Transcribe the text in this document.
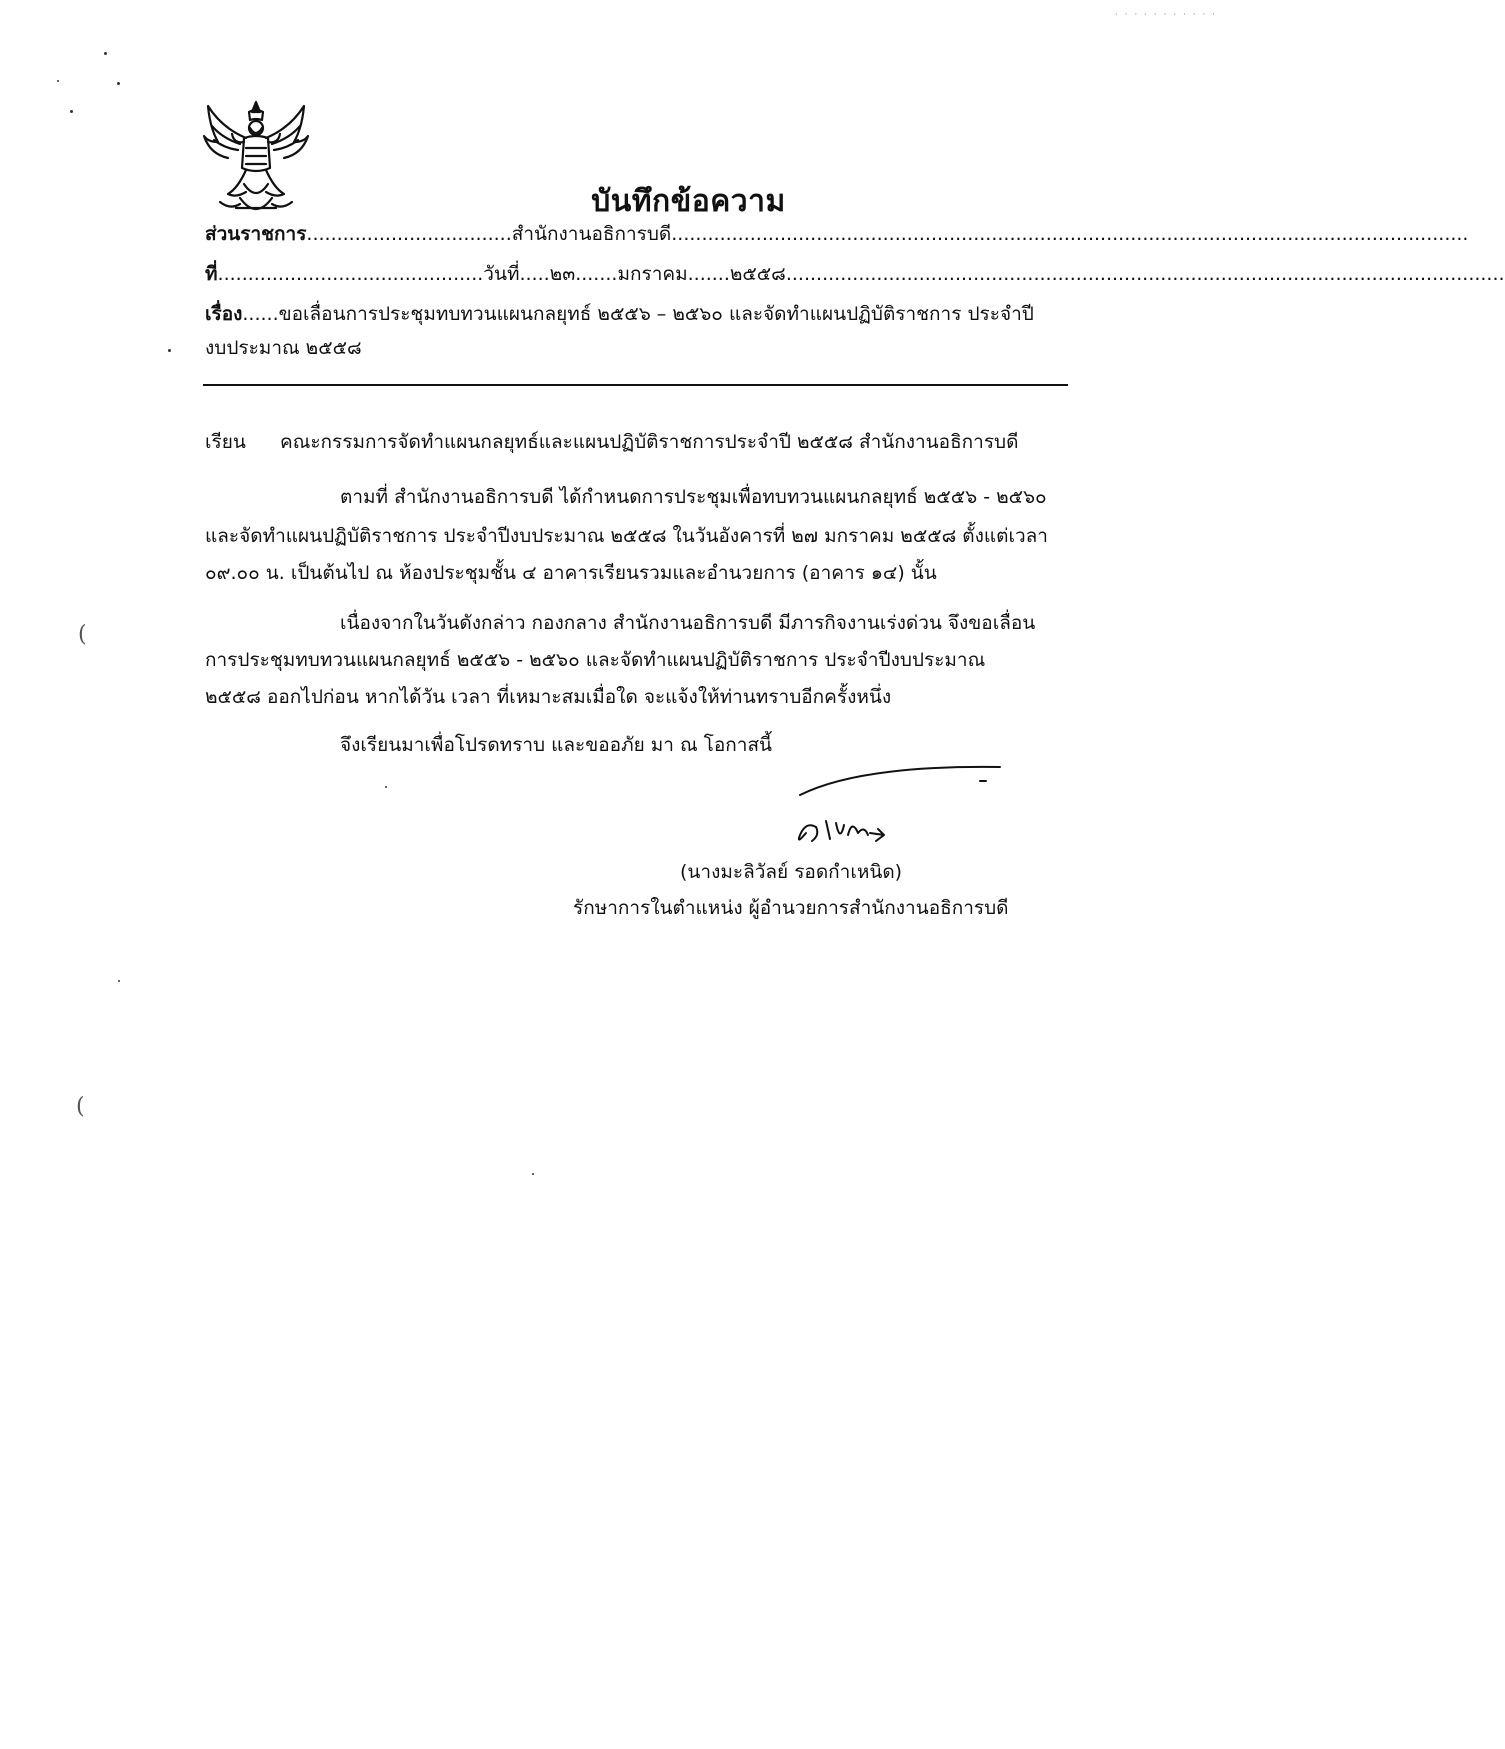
· · · · · · · · · · ·
บันทึกข้อความ
ส่วนราชการ..................................สำนักงานอธิการบดี....................................................................................................................................
ที่............................................วันที่.....๒๓.......มกราคม.......๒๕๕๘.......................................................................................................................
เรื่อง......ขอเลื่อนการประชุมทบทวนแผนกลยุทธ์ ๒๕๕๖ – ๒๕๖๐ และจัดทำแผนปฏิบัติราชการ ประจำปี
งบประมาณ ๒๕๕๘
เรียน คณะกรรมการจัดทำแผนกลยุทธ์และแผนปฏิบัติราชการประจำปี ๒๕๕๘ สำนักงานอธิการบดี
ตามที่ สำนักงานอธิการบดี ได้กำหนดการประชุมเพื่อทบทวนแผนกลยุทธ์ ๒๕๕๖ - ๒๕๖๐
และจัดทำแผนปฏิบัติราชการ ประจำปีงบประมาณ ๒๕๕๘ ในวันอังคารที่ ๒๗ มกราคม ๒๕๕๘ ตั้งแต่เวลา
๐๙.๐๐ น. เป็นต้นไป ณ ห้องประชุมชั้น ๔ อาคารเรียนรวมและอำนวยการ (อาคาร ๑๔) นั้น
เนื่องจากในวันดังกล่าว กองกลาง สำนักงานอธิการบดี มีภารกิจงานเร่งด่วน จึงขอเลื่อน
การประชุมทบทวนแผนกลยุทธ์ ๒๕๕๖ - ๒๕๖๐ และจัดทำแผนปฏิบัติราชการ ประจำปีงบประมาณ
๒๕๕๘ ออกไปก่อน หากได้วัน เวลา ที่เหมาะสมเมื่อใด จะแจ้งให้ท่านทราบอีกครั้งหนึ่ง
จึงเรียนมาเพื่อโปรดทราบ และขออภัย มา ณ โอกาสนี้
(นางมะลิวัลย์ รอดกำเหนิด)
รักษาการในตำแหน่ง ผู้อำนวยการสำนักงานอธิการบดี
(
(
